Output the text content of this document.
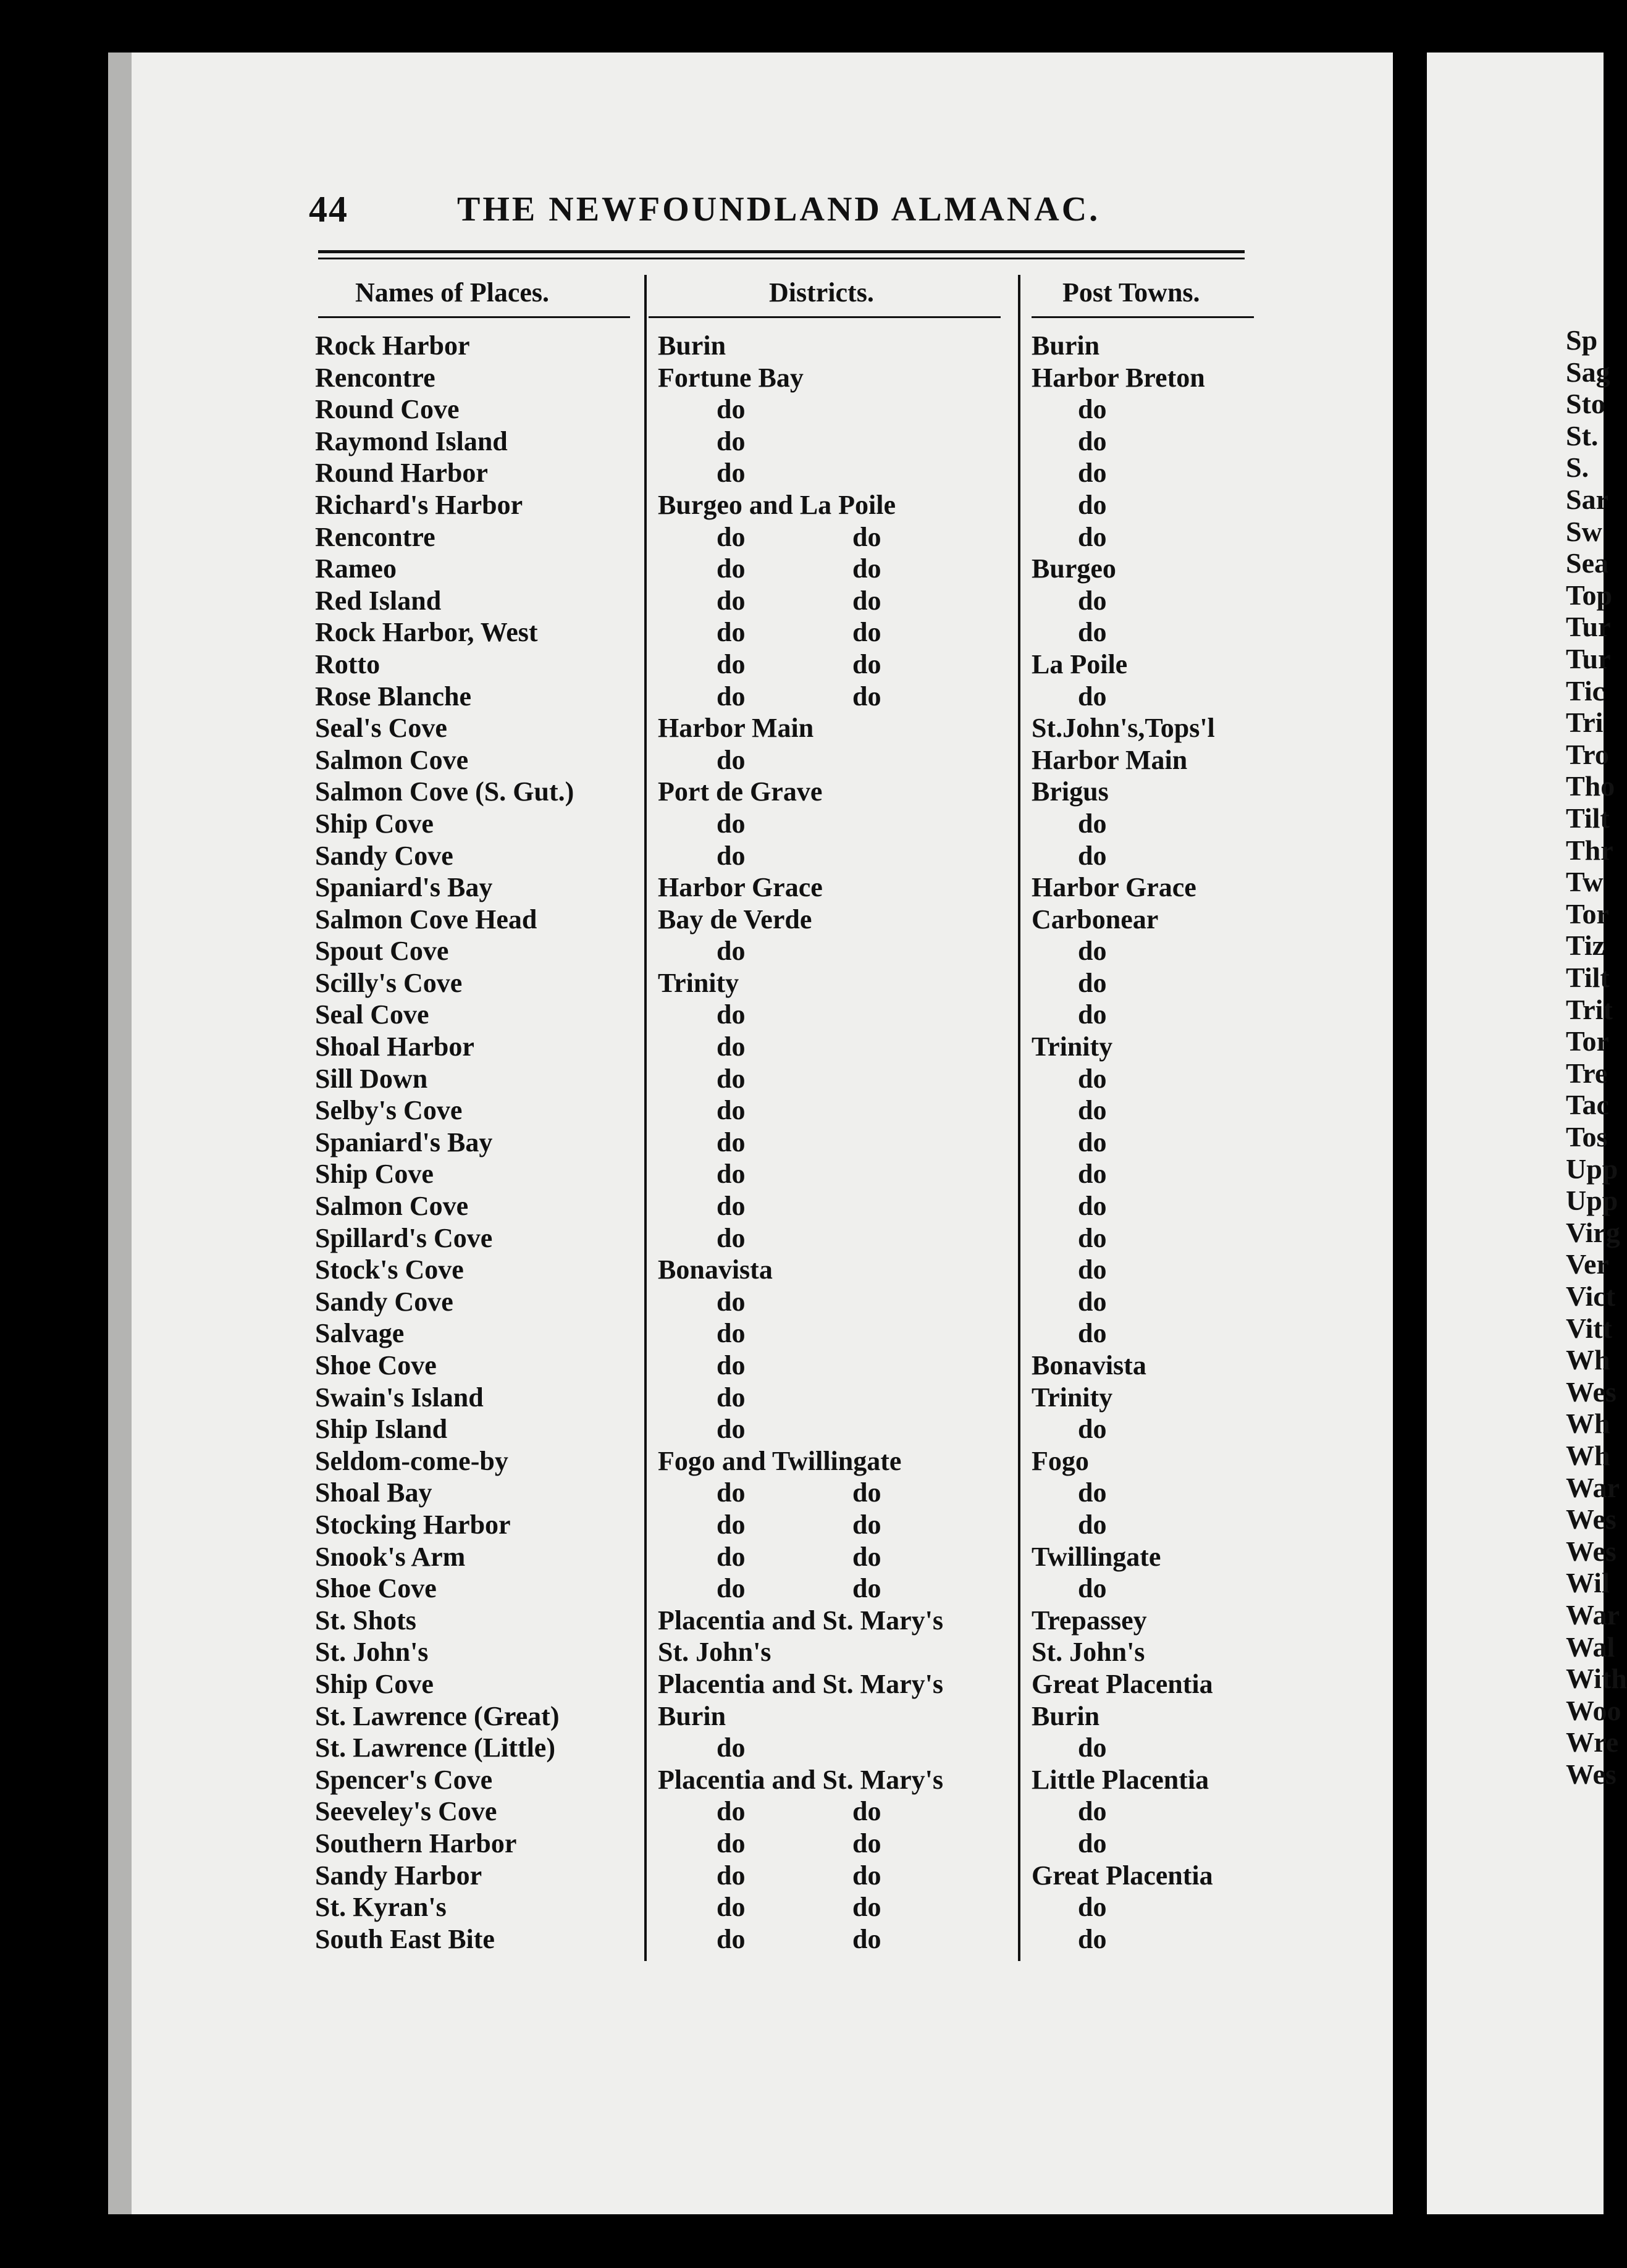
Sp
Sag
Sto
St.
S.
Sar
Sw
Sea
Top
Tur
Tur
Tic
Tri
Tro
Tho
Tilt
Thr
Tw
Tor
Tiz
Tilt
Trit
Tor
Tre
Tac
Tos
Upp
Upp
Virg
Ver
Vict
Vitt
Wh
Wes
Wh
Wh
War
Wes
Wes
Wil
War
Wal
With
Woo
Wre
Wes
44	THE NEWFOUNDLAND ALMANAC.
Names of Places.	Districts.	Post Towns.
Rock Harbor	Burin	Burin
Rencontre	Fortune Bay	Harbor Breton
Round Cove	do	do
Raymond Island	do	do
Round Harbor	do	do
Richard's Harbor	Burgeo and La Poile	do
Rencontre	do	do	do
Rameo	do	do	Burgeo
Red Island	do	do	do
Rock Harbor, West	do	do	do
Rotto	do	do	La Poile
Rose Blanche	do	do	do
Seal's Cove	Harbor Main	St.John's,Tops'l
Salmon Cove	do	Harbor Main
Salmon Cove (S. Gut.)	Port de Grave	Brigus
Ship Cove	do	do
Sandy Cove	do	do
Spaniard's Bay	Harbor Grace	Harbor Grace
Salmon Cove Head	Bay de Verde	Carbonear
Spout Cove	do	do
Scilly's Cove	Trinity	do
Seal Cove	do	do
Shoal Harbor	do	Trinity
Sill Down	do	do
Selby's Cove	do	do
Spaniard's Bay	do	do
Ship Cove	do	do
Salmon Cove	do	do
Spillard's Cove	do	do
Stock's Cove	Bonavista	do
Sandy Cove	do	do
Salvage	do	do
Shoe Cove	do	Bonavista
Swain's Island	do	Trinity
Ship Island	do	do
Seldom-come-by	Fogo and Twillingate	Fogo
Shoal Bay	do	do	do
Stocking Harbor	do	do	do
Snook's Arm	do	do	Twillingate
Shoe Cove	do	do	do
St. Shots	Placentia and St. Mary's	Trepassey
St. John's	St. John's	St. John's
Ship Cove	Placentia and St. Mary's	Great Placentia
St. Lawrence (Great)	Burin	Burin
St. Lawrence (Little)	do	do
Spencer's Cove	Placentia and St. Mary's	Little Placentia
Seeveley's Cove	do	do	do
Southern Harbor	do	do	do
Sandy Harbor	do	do	Great Placentia
St. Kyran's	do	do	do
South East Bite	do	do	do
